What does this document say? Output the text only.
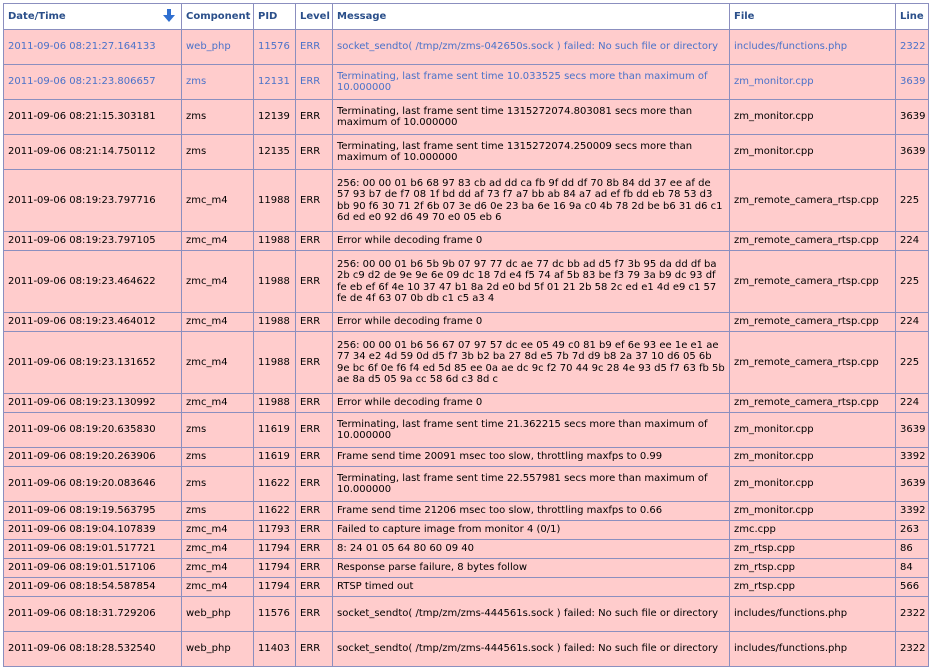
Date/Time	Component	PID	Level	Message	File	Line
2011-09-06 08:21:27.164133	web_php	11576	ERR	socket_sendto( /tmp/zm/zms-042650s.sock ) failed: No such file or directory	includes/functions.php	2322
2011-09-06 08:21:23.806657	zms	12131	ERR	Terminating, last frame sent time 10.033525 secs more than maximum of 10.000000	zm_monitor.cpp	3639
2011-09-06 08:21:15.303181	zms	12139	ERR	Terminating, last frame sent time 1315272074.803081 secs more than maximum of 10.000000	zm_monitor.cpp	3639
2011-09-06 08:21:14.750112	zms	12135	ERR	Terminating, last frame sent time 1315272074.250009 secs more than maximum of 10.000000	zm_monitor.cpp	3639
2011-09-06 08:19:23.797716	zmc_m4	11988	ERR	256: 00 00 01 b6 68 97 83 cb ad dd ca fb 9f dd df 70 8b 84 dd 37 ee af de 57 93 b7 de f7 08 1f bd dd af 73 f7 a7 bb ab 84 a7 ad ef fb dd eb 78 53 d3 bb 90 f6 30 71 2f 6b 07 3e d6 0e 23 ba 6e 16 9a c0 4b 78 2d be b6 31 d6 c1 6d ed e0 92 d6 49 70 e0 05 eb 6	zm_remote_camera_rtsp.cpp	225
2011-09-06 08:19:23.797105	zmc_m4	11988	ERR	Error while decoding frame 0	zm_remote_camera_rtsp.cpp	224
2011-09-06 08:19:23.464622	zmc_m4	11988	ERR	256: 00 00 01 b6 5b 9b 07 97 77 dc ae 77 dc bb ad d5 f7 3b 95 da dd df ba 2b c9 d2 de 9e 9e 6e 09 dc 18 7d e4 f5 74 af 5b 83 be f3 79 3a b9 dc 93 df fe eb ef 6f 4e 10 37 47 b1 8a 2d e0 bd 5f 01 21 2b 58 2c ed e1 4d e9 c1 57 fe de 4f 63 07 0b db c1 c5 a3 4	zm_remote_camera_rtsp.cpp	225
2011-09-06 08:19:23.464012	zmc_m4	11988	ERR	Error while decoding frame 0	zm_remote_camera_rtsp.cpp	224
2011-09-06 08:19:23.131652	zmc_m4	11988	ERR	256: 00 00 01 b6 56 67 07 97 57 dc ee 05 49 c0 81 b9 ef 6e 93 ee 1e e1 ae 77 34 e2 4d 59 0d d5 f7 3b b2 ba 27 8d e5 7b 7d d9 b8 2a 37 10 d6 05 6b 9e bc 6f 0e f6 f4 ed 5d 85 ee 0a ae dc 9c f2 70 44 9c 28 4e 93 d5 f7 63 fb 5b ae 8a d5 05 9a cc 58 6d c3 8d c	zm_remote_camera_rtsp.cpp	225
2011-09-06 08:19:23.130992	zmc_m4	11988	ERR	Error while decoding frame 0	zm_remote_camera_rtsp.cpp	224
2011-09-06 08:19:20.635830	zms	11619	ERR	Terminating, last frame sent time 21.362215 secs more than maximum of 10.000000	zm_monitor.cpp	3639
2011-09-06 08:19:20.263906	zms	11619	ERR	Frame send time 20091 msec too slow, throttling maxfps to 0.99	zm_monitor.cpp	3392
2011-09-06 08:19:20.083646	zms	11622	ERR	Terminating, last frame sent time 22.557981 secs more than maximum of 10.000000	zm_monitor.cpp	3639
2011-09-06 08:19:19.563795	zms	11622	ERR	Frame send time 21206 msec too slow, throttling maxfps to 0.66	zm_monitor.cpp	3392
2011-09-06 08:19:04.107839	zmc_m4	11793	ERR	Failed to capture image from monitor 4 (0/1)	zmc.cpp	263
2011-09-06 08:19:01.517721	zmc_m4	11794	ERR	8: 24 01 05 64 80 60 09 40	zm_rtsp.cpp	86
2011-09-06 08:19:01.517106	zmc_m4	11794	ERR	Response parse failure, 8 bytes follow	zm_rtsp.cpp	84
2011-09-06 08:18:54.587854	zmc_m4	11794	ERR	RTSP timed out	zm_rtsp.cpp	566
2011-09-06 08:18:31.729206	web_php	11576	ERR	socket_sendto( /tmp/zm/zms-444561s.sock ) failed: No such file or directory	includes/functions.php	2322
2011-09-06 08:18:28.532540	web_php	11403	ERR	socket_sendto( /tmp/zm/zms-444561s.sock ) failed: No such file or directory	includes/functions.php	2322
